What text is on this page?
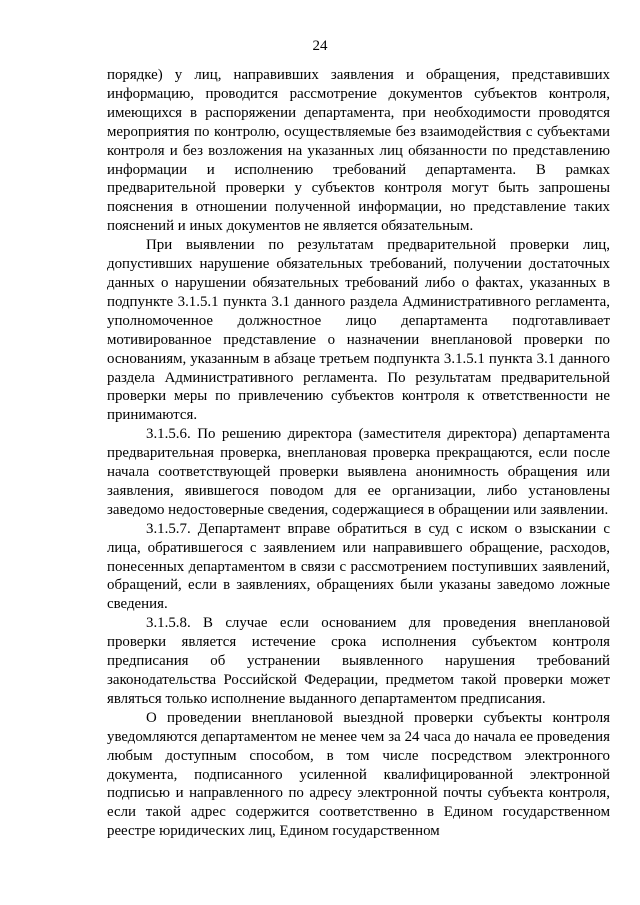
24

порядке) у лиц, направивших заявления и обращения, представивших информацию, проводится рассмотрение документов субъектов контроля, имеющихся в распоряжении департамента, при необходимости проводятся мероприятия по контролю, осуществляемые без взаимодействия с субъектами контроля и без возложения на указанных лиц обязанности по представлению информации и исполнению требований департамента. В рамках предварительной проверки у субъектов контроля могут быть запрошены пояснения в отношении полученной информации, но представление таких пояснений и иных документов не является обязательным.

При выявлении по результатам предварительной проверки лиц, допустивших нарушение обязательных требований, получении достаточных данных о нарушении обязательных требований либо о фактах, указанных в подпункте 3.1.5.1 пункта 3.1 данного раздела Административного регламента, уполномоченное должностное лицо департамента подготавливает мотивированное представление о назначении внеплановой проверки по основаниям, указанным в абзаце третьем подпункта 3.1.5.1 пункта 3.1 данного раздела Административного регламента. По результатам предварительной проверки меры по привлечению субъектов контроля к ответственности не принимаются.

3.1.5.6. По решению директора (заместителя директора) департамента предварительная проверка, внеплановая проверка прекращаются, если после начала соответствующей проверки выявлена анонимность обращения или заявления, явившегося поводом для ее организации, либо установлены заведомо недостоверные сведения, содержащиеся в обращении или заявлении.

3.1.5.7. Департамент вправе обратиться в суд с иском о взыскании с лица, обратившегося с заявлением или направившего обращение, расходов, понесенных департаментом в связи с рассмотрением поступивших заявлений, обращений, если в заявлениях, обращениях были указаны заведомо ложные сведения.

3.1.5.8. В случае если основанием для проведения внеплановой проверки является истечение срока исполнения субъектом контроля предписания об устранении выявленного нарушения требований законодательства Российской Федерации, предметом такой проверки может являться только исполнение выданного департаментом предписания.

О проведении внеплановой выездной проверки субъекты контроля уведомляются департаментом не менее чем за 24 часа до начала ее проведения любым доступным способом, в том числе посредством электронного документа, подписанного усиленной квалифицированной электронной подписью и направленного по адресу электронной почты субъекта контроля, если такой адрес содержится соответственно в Едином государственном реестре юридических лиц, Едином государственном
